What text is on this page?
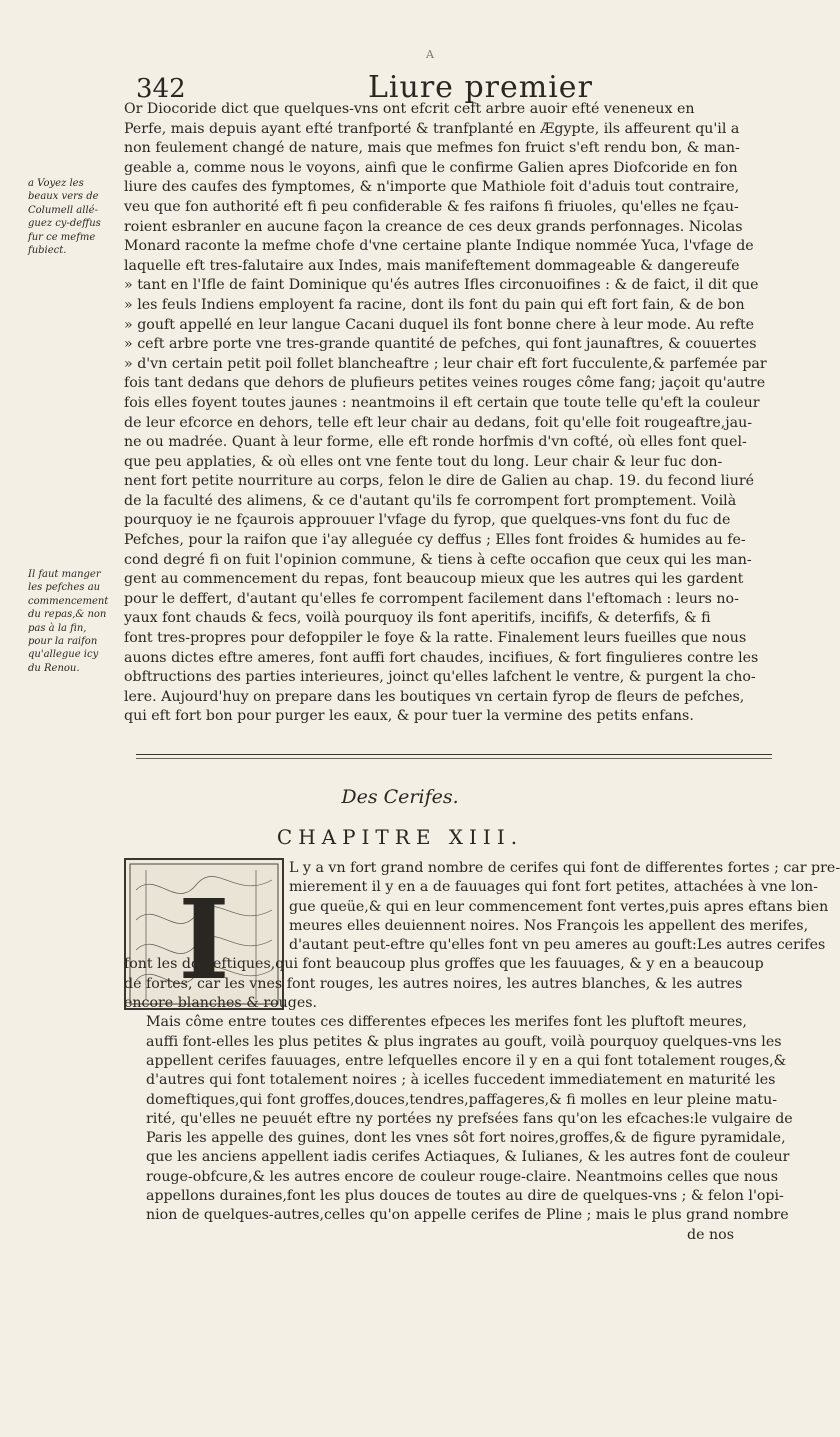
A
342	Liure premier
Or Diocoride dict que quelques-vns ont efcrit ceft arbre auoir efté veneneux en
Perfe, mais depuis ayant efté tranfporté & tranfplanté en Ægypte, ils affeurent qu'il a
non feulement changé de nature, mais que mefmes fon fruict s'eft rendu bon, & man-
geable a, comme nous le voyons, ainfi que le confirme Galien apres Diofcoride en fon
liure des caufes des fymptomes, & n'importe que Mathiole foit d'aduis tout contraire,
veu que fon authorité eft fi peu confiderable & fes raifons fi friuoles, qu'elles ne fçau-
roient esbranler en aucune façon la creance de ces deux grands perfonnages. Nicolas
Monard raconte la mefme chofe d'vne certaine plante Indique nommée Yuca, l'vfage de
laquelle eft tres-falutaire aux Indes, mais manifeftement dommageable & dangereufe
» tant en l'Ifle de faint Dominique qu'és autres Ifles circonuoifines : & de faict, il dit que
» les feuls Indiens employent fa racine, dont ils font du pain qui eft fort fain, & de bon
» gouft appellé en leur langue Cacani duquel ils font bonne chere à leur mode. Au refte
» ceft arbre porte vne tres-grande quantité de pefches, qui font jaunaftres, & couuertes
» d'vn certain petit poil follet blancheaftre ; leur chair eft fort fucculente,& parfemée par
fois tant dedans que dehors de plufieurs petites veines rouges côme fang; jaçoit qu'autre
fois elles foyent toutes jaunes : neantmoins il eft certain que toute telle qu'eft la couleur
de leur efcorce en dehors, telle eft leur chair au dedans, foit qu'elle foit rougeaftre,jau-
ne ou madrée. Quant à leur forme, elle eft ronde horfmis d'vn cofté, où elles font quel-
que peu applaties, & où elles ont vne fente tout du long. Leur chair & leur fuc don-
nent fort petite nourriture au corps, felon le dire de Galien au chap. 19. du fecond liuré
de la faculté des alimens, & ce d'autant qu'ils fe corrompent fort promptement. Voilà
pourquoy ie ne fçaurois approuuer l'vfage du fyrop, que quelques-vns font du fuc de
Pefches, pour la raifon que i'ay alleguée cy deffus ; Elles font froides & humides au fe-
cond degré fi on fuit l'opinion commune, & tiens à cefte occafion que ceux qui les man-
gent au commencement du repas, font beaucoup mieux que les autres qui les gardent
pour le deffert, d'autant qu'elles fe corrompent facilement dans l'eftomach : leurs no-
yaux font chauds & fecs, voilà pourquoy ils font aperitifs, incififs, & deterfifs, & fi
font tres-propres pour defoppiler le foye & la ratte. Finalement leurs fueilles que nous
auons dictes eftre ameres, font auffi fort chaudes, incifiues, & fort fingulieres contre les
obftructions des parties interieures, joinct qu'elles lafchent le ventre, & purgent la cho-
lere. Aujourd'huy on prepare dans les boutiques vn certain fyrop de fleurs de pefches,
qui eft fort bon pour purger les eaux, & pour tuer la vermine des petits enfans.
a Voyez les
beaux vers de
Columell allé-
guez cy-deffus
fur ce mefme
fubiect.
Il faut manger
les pefches au
commencement
du repas,& non
pas à la fin,
pour la raifon
qu'allegue icy
du Renou.
Des Cerifes.
CHAPITRE XIII.
I
L y a vn fort grand nombre de cerifes qui font de differentes fortes ; car pre-
mierement il y en a de fauuages qui font fort petites, attachées à vne lon-
gue queüe,& qui en leur commencement font vertes,puis apres eftans bien
meures elles deuiennent noires. Nos François les appellent des merifes,
d'autant peut-eftre qu'elles font vn peu ameres au gouft:Les autres cerifes
font les domeftiques,qui font beaucoup plus groffes que les fauuages, & y en a beaucoup
de fortes, car les vnes font rouges, les autres noires, les autres blanches, & les autres
encore blanches & rouges.
Mais côme entre toutes ces differentes efpeces les merifes font les pluftoft meures,
auffi font-elles les plus petites & plus ingrates au gouft, voilà pourquoy quelques-vns les
appellent cerifes fauuages, entre lefquelles encore il y en a qui font totalement rouges,&
d'autres qui font totalement noires ; à icelles fuccedent immediatement en maturité les
domeftiques,qui font groffes,douces,tendres,paffageres,& fi molles en leur pleine matu-
rité, qu'elles ne peuuét eftre ny portées ny prefsées fans qu'on les efcaches:le vulgaire de
Paris les appelle des guines, dont les vnes sôt fort noires,groffes,& de figure pyramidale,
que les anciens appellent iadis cerifes Actiaques, & Iulianes, & les autres font de couleur
rouge-obfcure,& les autres encore de couleur rouge-claire. Neantmoins celles que nous
appellons duraines,font les plus douces de toutes au dire de quelques-vns ; & felon l'opi-
nion de quelques-autres,celles qu'on appelle cerifes de Pline ; mais le plus grand nombre
de nos
